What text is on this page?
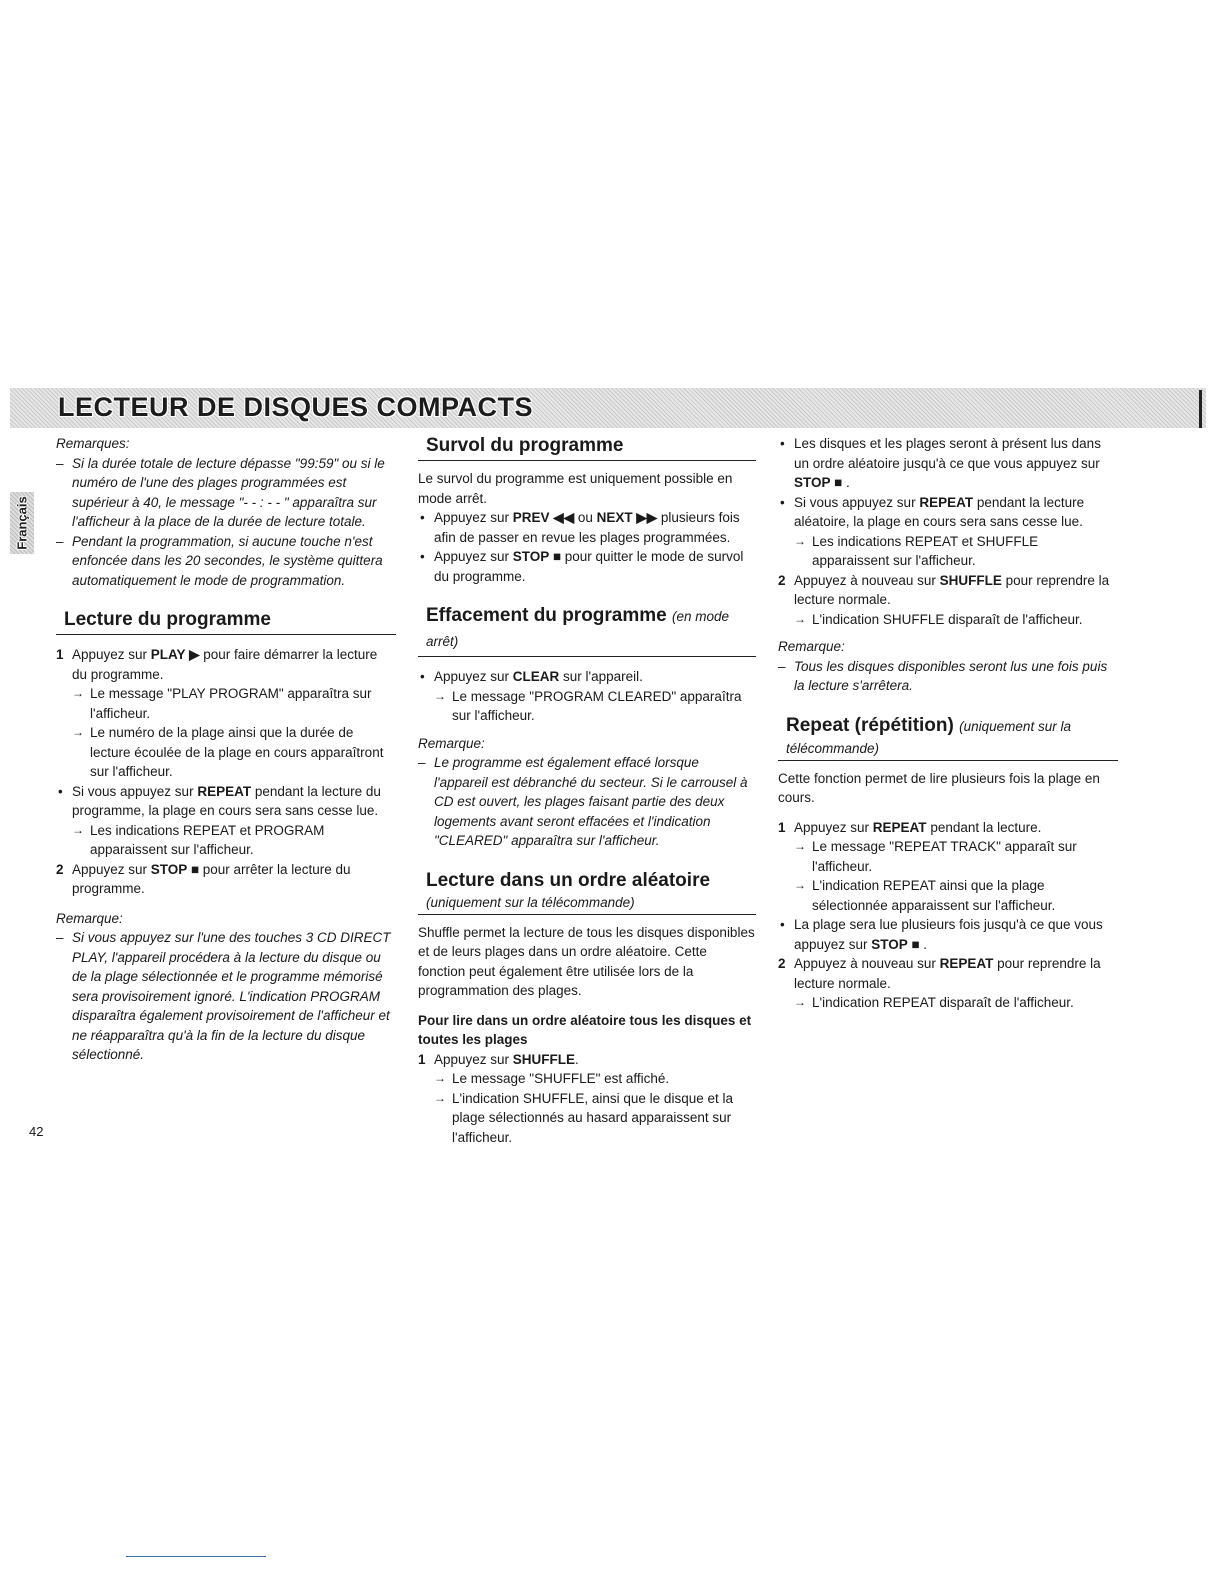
LECTEUR DE DISQUES COMPACTS
Français

Remarques:

– Si la durée totale de lecture dépasse "99:59" ou si le numéro de l'une des plages programmées est supérieur à 40, le message "- - : - - " apparaîtra sur l'afficheur à la place de la durée de lecture totale.

– Pendant la programmation, si aucune touche n'est enfoncée dans les 20 secondes, le système quittera automatiquement le mode de programmation.

Lecture du programme
1 Appuyez sur PLAY ▶ pour faire démarrer la lecture du programme.
→ Le message "PLAY PROGRAM" apparaîtra sur l'afficheur.
→ Le numéro de la plage ainsi que la durée de lecture écoulée de la plage en cours apparaîtront sur l'afficheur.
• Si vous appuyez sur REPEAT pendant la lecture du programme, la plage en cours sera sans cesse lue.
→ Les indications REPEAT et PROGRAM apparaissent sur l'afficheur.
2 Appuyez sur STOP ■ pour arrêter la lecture du programme.

Remarque:

– Si vous appuyez sur l'une des touches 3 CD DIRECT PLAY, l'appareil procédera à la lecture du disque ou de la plage sélectionnée et le programme mémorisé sera provisoirement ignoré. L'indication PROGRAM disparaîtra également provisoirement de l'afficheur et ne réapparaîtra qu'à la fin de la lecture du disque sélectionné.

Survol du programme

Le survol du programme est uniquement possible en mode arrêt.

• Appuyez sur PREV ◀◀ ou NEXT ▶▶ plusieurs fois afin de passer en revue les plages programmées.
• Appuyez sur STOP ■ pour quitter le mode de survol du programme.
Effacement du programme (en mode arrêt)
• Appuyez sur CLEAR sur l'appareil.
→ Le message "PROGRAM CLEARED" apparaîtra sur l'afficheur.

Remarque:

– Le programme est également effacé lorsque l'appareil est débranché du secteur. Si le carrousel à CD est ouvert, les plages faisant partie des deux logements avant seront effacées et l'indication "CLEARED" apparaîtra sur l'afficheur.

Lecture dans un ordre aléatoire
(uniquement sur la télécommande)

Shuffle permet la lecture de tous les disques disponibles et de leurs plages dans un ordre aléatoire. Cette fonction peut également être utilisée lors de la programmation des plages.

Pour lire dans un ordre aléatoire tous les disques et toutes les plages

1 Appuyez sur SHUFFLE.
→ Le message "SHUFFLE" est affiché.
→ L'indication SHUFFLE, ainsi que le disque et la plage sélectionnés au hasard apparaissent sur l'afficheur.
• Les disques et les plages seront à présent lus dans un ordre aléatoire jusqu'à ce que vous appuyez sur
STOP ■ .
• Si vous appuyez sur REPEAT pendant la lecture aléatoire, la plage en cours sera sans cesse lue.
→ Les indications REPEAT et SHUFFLE apparaissent sur l'afficheur.
2 Appuyez à nouveau sur SHUFFLE pour reprendre la lecture normale.
→ L'indication SHUFFLE disparaît de l'afficheur.

Remarque:

– Tous les disques disponibles seront lus une fois puis la lecture s'arrêtera.

Repeat (répétition) (uniquement sur la
télécommande)

Cette fonction permet de lire plusieurs fois la plage en cours.

1 Appuyez sur REPEAT pendant la lecture.
→ Le message "REPEAT TRACK" apparaît sur l'afficheur.
→ L'indication REPEAT ainsi que la plage sélectionnée apparaissent sur l'afficheur.
• La plage sera lue plusieurs fois jusqu'à ce que vous appuyez sur STOP ■ .
2 Appuyez à nouveau sur REPEAT pour reprendre la lecture normale.
→ L'indication REPEAT disparaît de l'afficheur.
42
